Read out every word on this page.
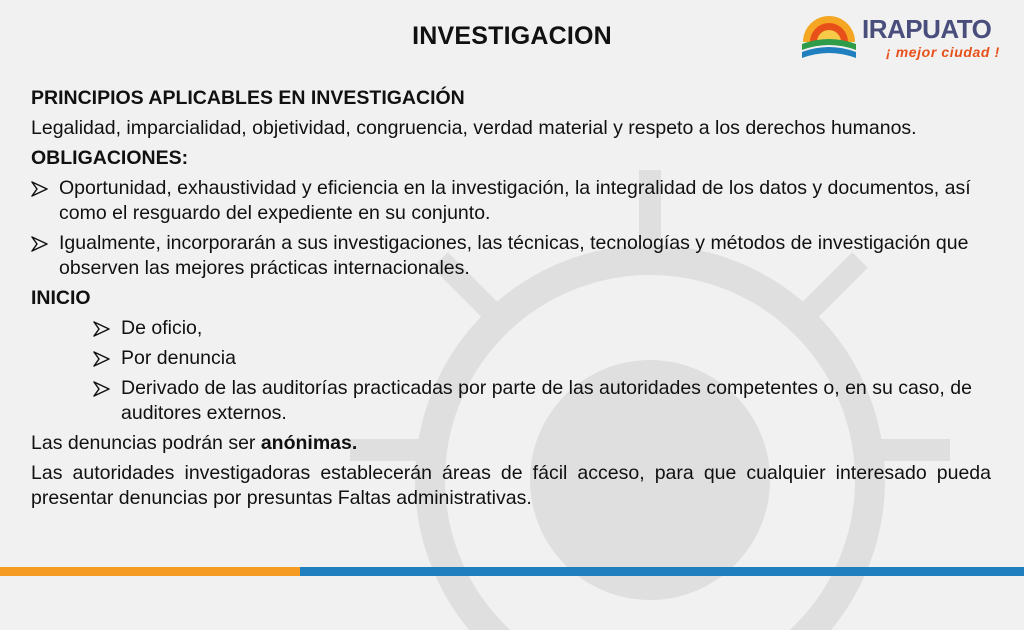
INVESTIGACION	IRAPUATO
¡ mejor ciudad !
PRINCIPIOS APLICABLES EN INVESTIGACIÓN
Legalidad, imparcialidad, objetividad, congruencia, verdad material y respeto a los derechos humanos.
OBLIGACIONES:
Oportunidad, exhaustividad y eficiencia en la investigación, la integralidad de los datos y documentos, así como el resguardo del expediente en su conjunto.
Igualmente, incorporarán a sus investigaciones, las técnicas, tecnologías y métodos de investigación que observen las mejores prácticas internacionales.
INICIO
De oficio,
Por denuncia
Derivado de las auditorías practicadas por parte de las autoridades competentes o, en su caso, de auditores externos.
Las denuncias podrán ser anónimas.
Las autoridades investigadoras establecerán áreas de fácil acceso, para que cualquier interesado pueda presentar denuncias por presuntas Faltas administrativas.
